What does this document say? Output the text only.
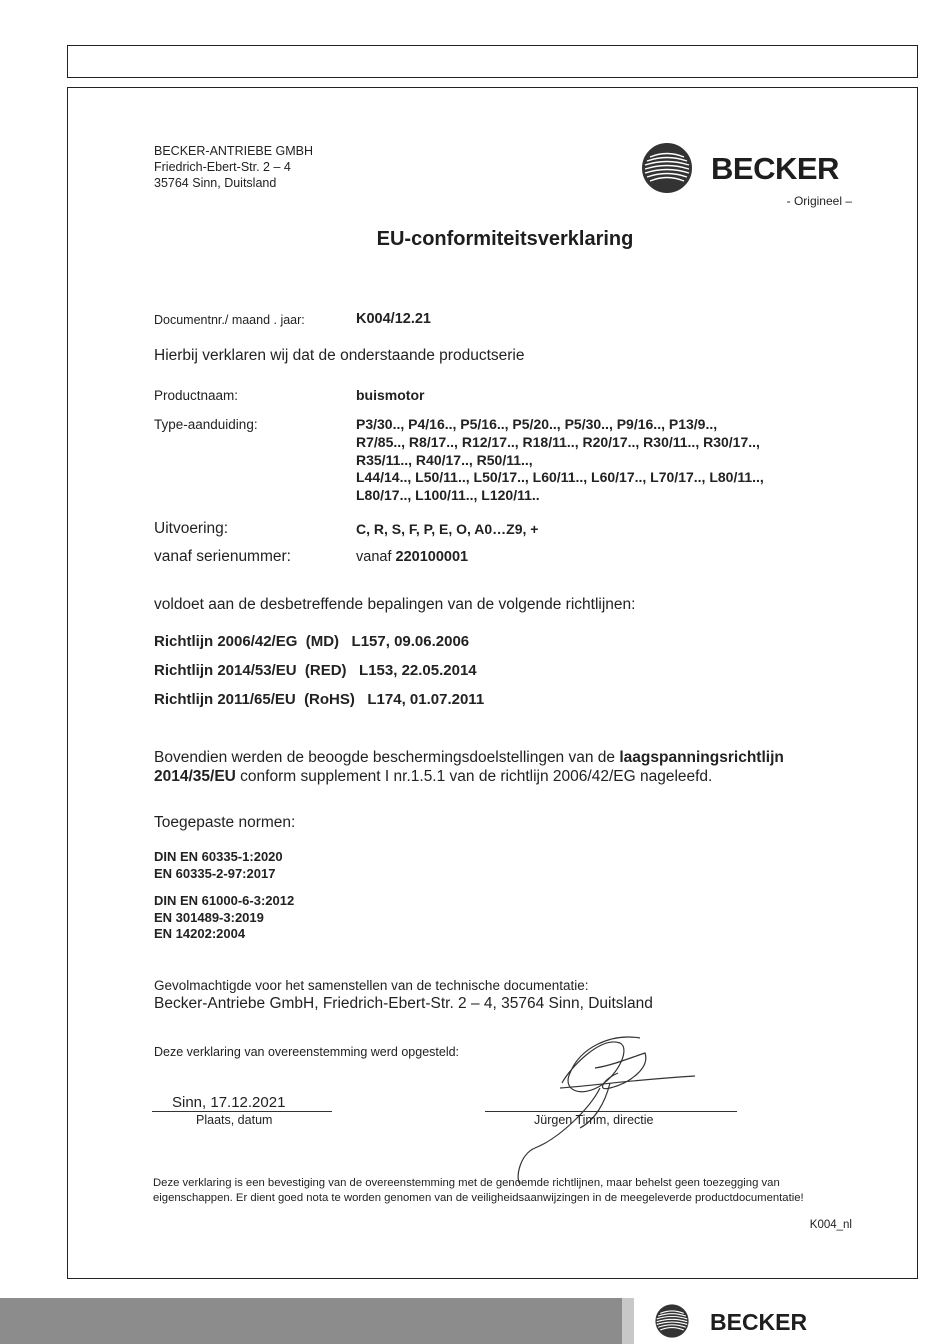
BECKER-ANTRIEBE GMBH
Friedrich-Ebert-Str. 2 – 4
35764 Sinn, Duitsland	BECKER
- Origineel –
EU-conformiteitsverklaring
Documentnr./ maand . jaar:	K004/12.21
Hierbij verklaren wij dat de onderstaande productserie
Productnaam:	buismotor
Type-aanduiding:	P3/30.., P4/16.., P5/16.., P5/20.., P5/30.., P9/16.., P13/9..,
R7/85.., R8/17.., R12/17.., R18/11.., R20/17.., R30/11.., R30/17..,
R35/11.., R40/17.., R50/11..,
L44/14.., L50/11.., L50/17.., L60/11.., L60/17.., L70/17.., L80/11..,
L80/17.., L100/11.., L120/11..
Uitvoering:	C, R, S, F, P, E, O, A0…Z9, +
vanaf serienummer:	vanaf 220100001
voldoet aan de desbetreffende bepalingen van de volgende richtlijnen:
Richtlijn 2006/42/EG  (MD)   L157, 09.06.2006
Richtlijn 2014/53/EU  (RED)   L153, 22.05.2014
Richtlijn 2011/65/EU  (RoHS)   L174, 01.07.2011
Bovendien werden de beoogde beschermingsdoelstellingen van de laagspanningsrichtlijn
2014/35/EU conform supplement I nr.1.5.1 van de richtlijn 2006/42/EG nageleefd.
Toegepaste normen:
DIN EN 60335-1:2020
EN 60335-2-97:2017
DIN EN 61000-6-3:2012
EN 301489-3:2019
EN 14202:2004
Gevolmachtigde voor het samenstellen van de technische documentatie:
Becker-Antriebe GmbH, Friedrich-Ebert-Str. 2 – 4, 35764 Sinn, Duitsland
Deze verklaring van overeenstemming werd opgesteld:
Sinn, 17.12.2021
Plaats, datum	Jürgen Timm, directie
Deze verklaring is een bevestiging van de overeenstemming met de genoemde richtlijnen, maar behelst geen toezegging van eigenschappen. Er dient goed nota te worden genomen van de veiligheidsaanwijzingen in de meegeleverde productdocumentatie!
K004_nl
BECKER
